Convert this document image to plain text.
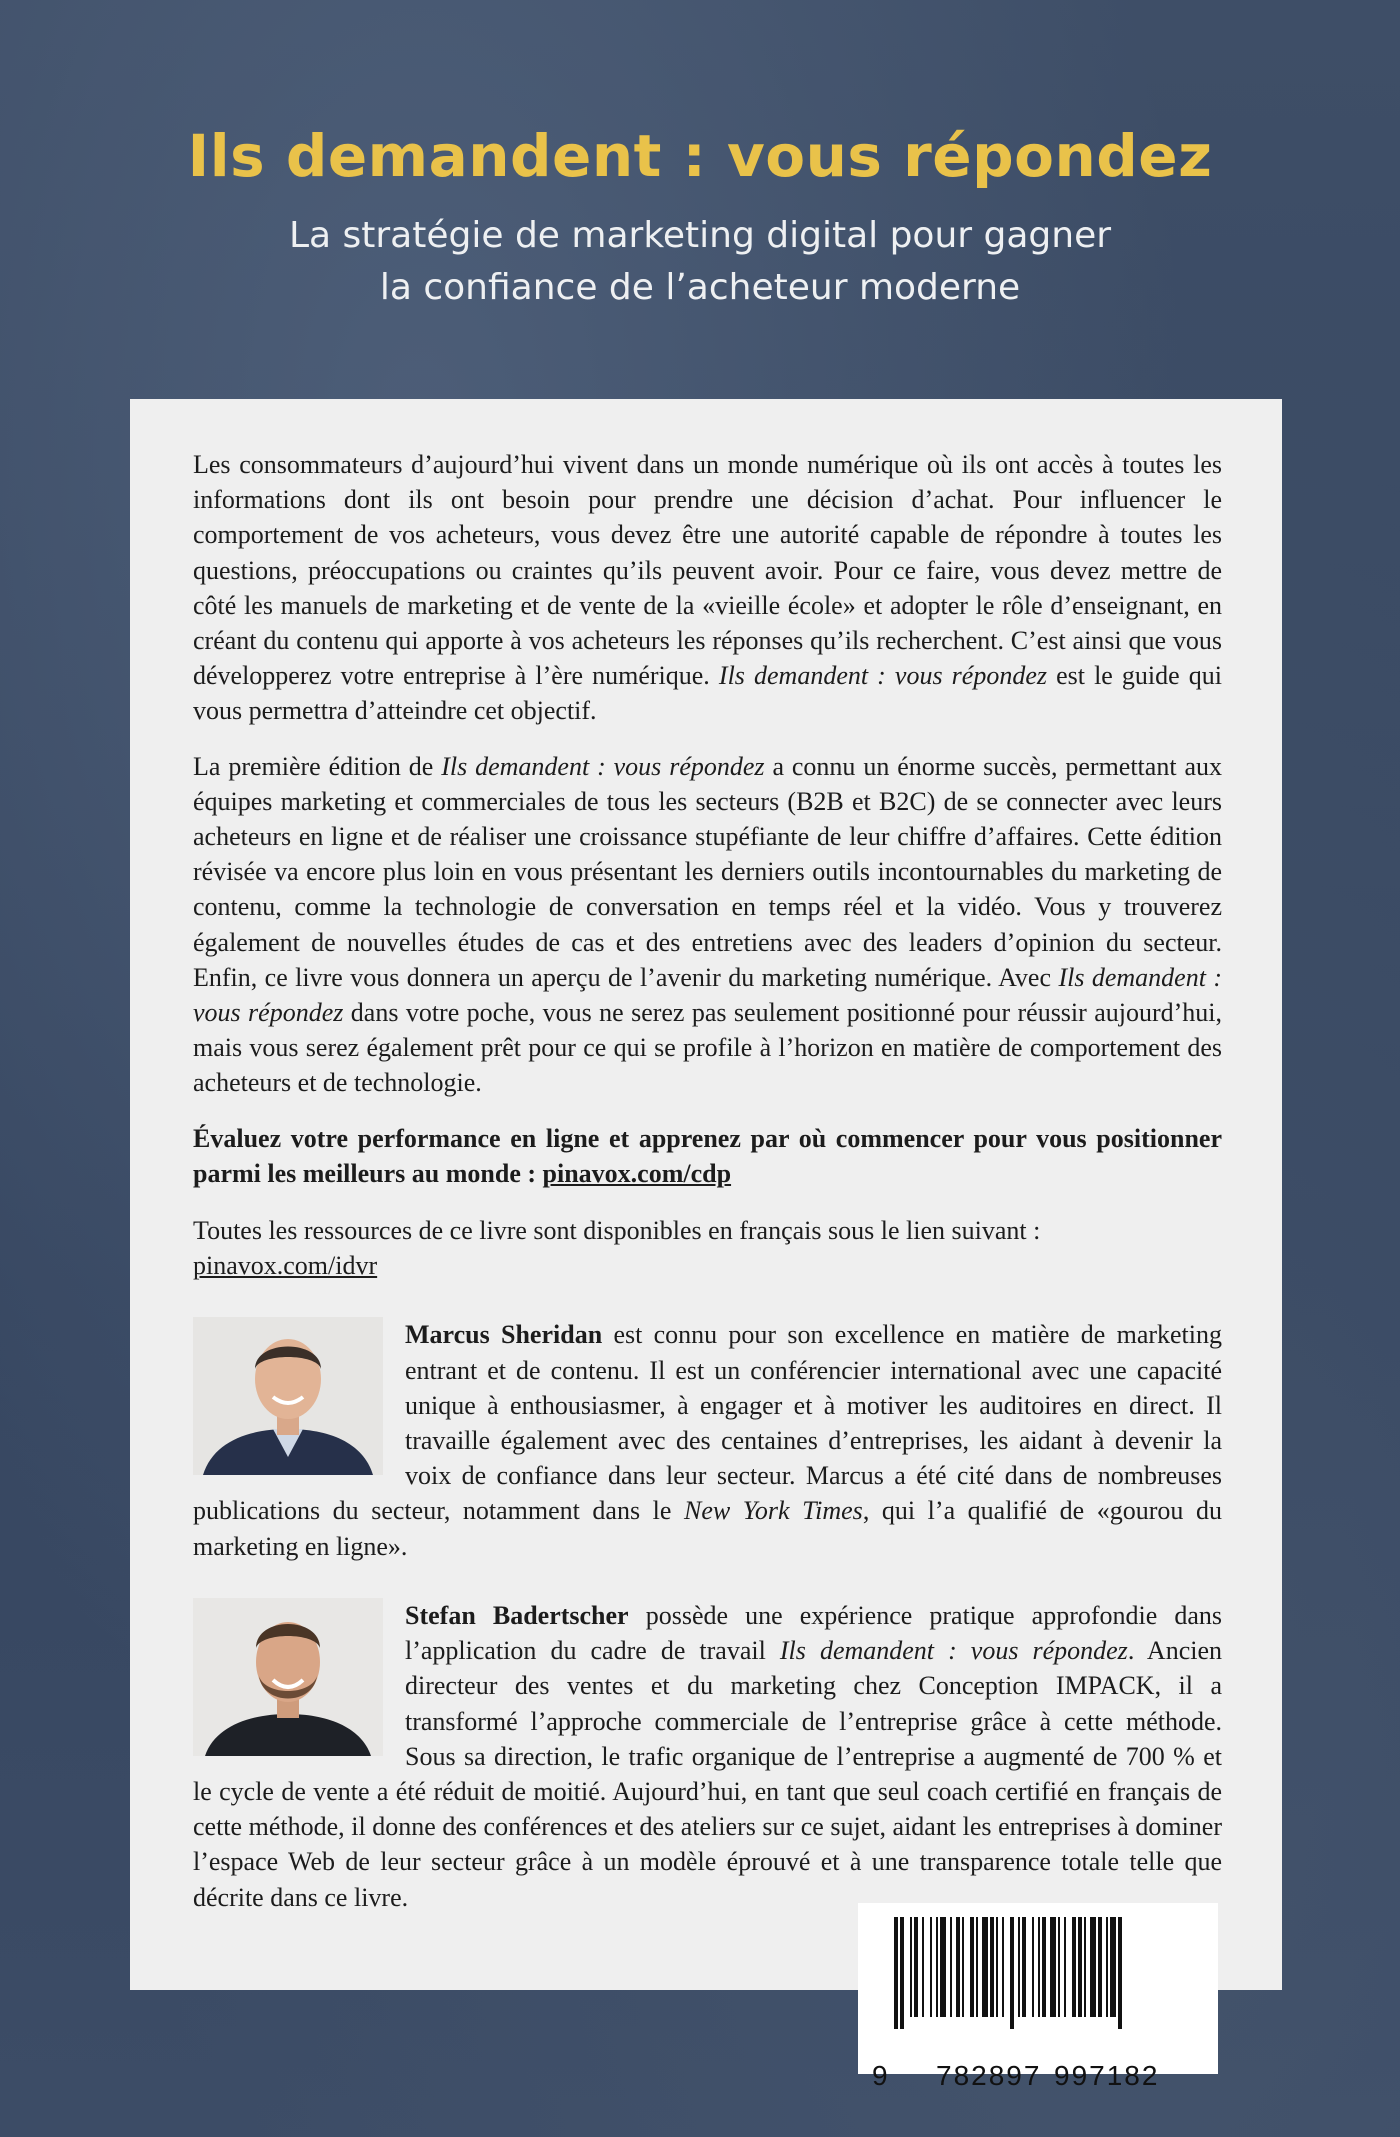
Ils demandent : vous répondez
La stratégie de marketing digital pour gagner
la confiance de l’acheteur moderne

Les consommateurs d’aujourd’hui vivent dans un monde numérique où ils ont accès à toutes les informations dont ils ont besoin pour prendre une décision d’achat. Pour influencer le comportement de vos acheteurs, vous devez être une autorité capable de répondre à toutes les questions, préoccupations ou craintes qu’ils peuvent avoir. Pour ce faire, vous devez mettre de côté les manuels de marketing et de vente de la «vieille école» et adopter le rôle d’enseignant, en créant du contenu qui apporte à vos acheteurs les réponses qu’ils recherchent. C’est ainsi que vous développerez votre entreprise à l’ère numérique. Ils demandent : vous répondez est le guide qui vous permettra d’atteindre cet objectif.

La première édition de Ils demandent : vous répondez a connu un énorme succès, permettant aux équipes marketing et commerciales de tous les secteurs (B2B et B2C) de se connecter avec leurs acheteurs en ligne et de réaliser une croissance stupéfiante de leur chiffre d’affaires. Cette édition révisée va encore plus loin en vous présentant les derniers outils incontournables du marketing de contenu, comme la technologie de conversation en temps réel et la vidéo. Vous y trouverez également de nouvelles études de cas et des entretiens avec des leaders d’opinion du secteur. Enfin, ce livre vous donnera un aperçu de l’avenir du marketing numérique. Avec Ils demandent : vous répondez dans votre poche, vous ne serez pas seulement positionné pour réussir aujourd’hui, mais vous serez également prêt pour ce qui se profile à l’horizon en matière de comportement des acheteurs et de technologie.

Évaluez votre performance en ligne et apprenez par où commencer pour vous positionner parmi les meilleurs au monde : pinavox.com/cdp

Toutes les ressources de ce livre sont disponibles en français sous le lien suivant :
pinavox.com/idvr

Marcus Sheridan est connu pour son excellence en matière de marketing entrant et de contenu. Il est un conférencier international avec une capacité unique à enthousiasmer, à engager et à motiver les auditoires en direct. Il travaille également avec des centaines d’entreprises, les aidant à devenir la voix de confiance dans leur secteur. Marcus a été cité dans de nombreuses publications du secteur, notamment dans le New York Times, qui l’a qualifié de «gourou du marketing en ligne».

Stefan Badertscher possède une expérience pratique approfondie dans l’application du cadre de travail Ils demandent : vous répondez. Ancien directeur des ventes et du marketing chez Conception IMPACK, il a transformé l’approche commerciale de l’entreprise grâce à cette méthode. Sous sa direction, le trafic organique de l’entreprise a augmenté de 700 % et le cycle de vente a été réduit de moitié. Aujourd’hui, en tant que seul coach certifié en français de cette méthode, il donne des conférences et des ateliers sur ce sujet, aidant les entreprises à dominer l’espace Web de leur secteur grâce à un modèle éprouvé et à une transparence totale telle que décrite dans ce livre.

9 782897 997182
